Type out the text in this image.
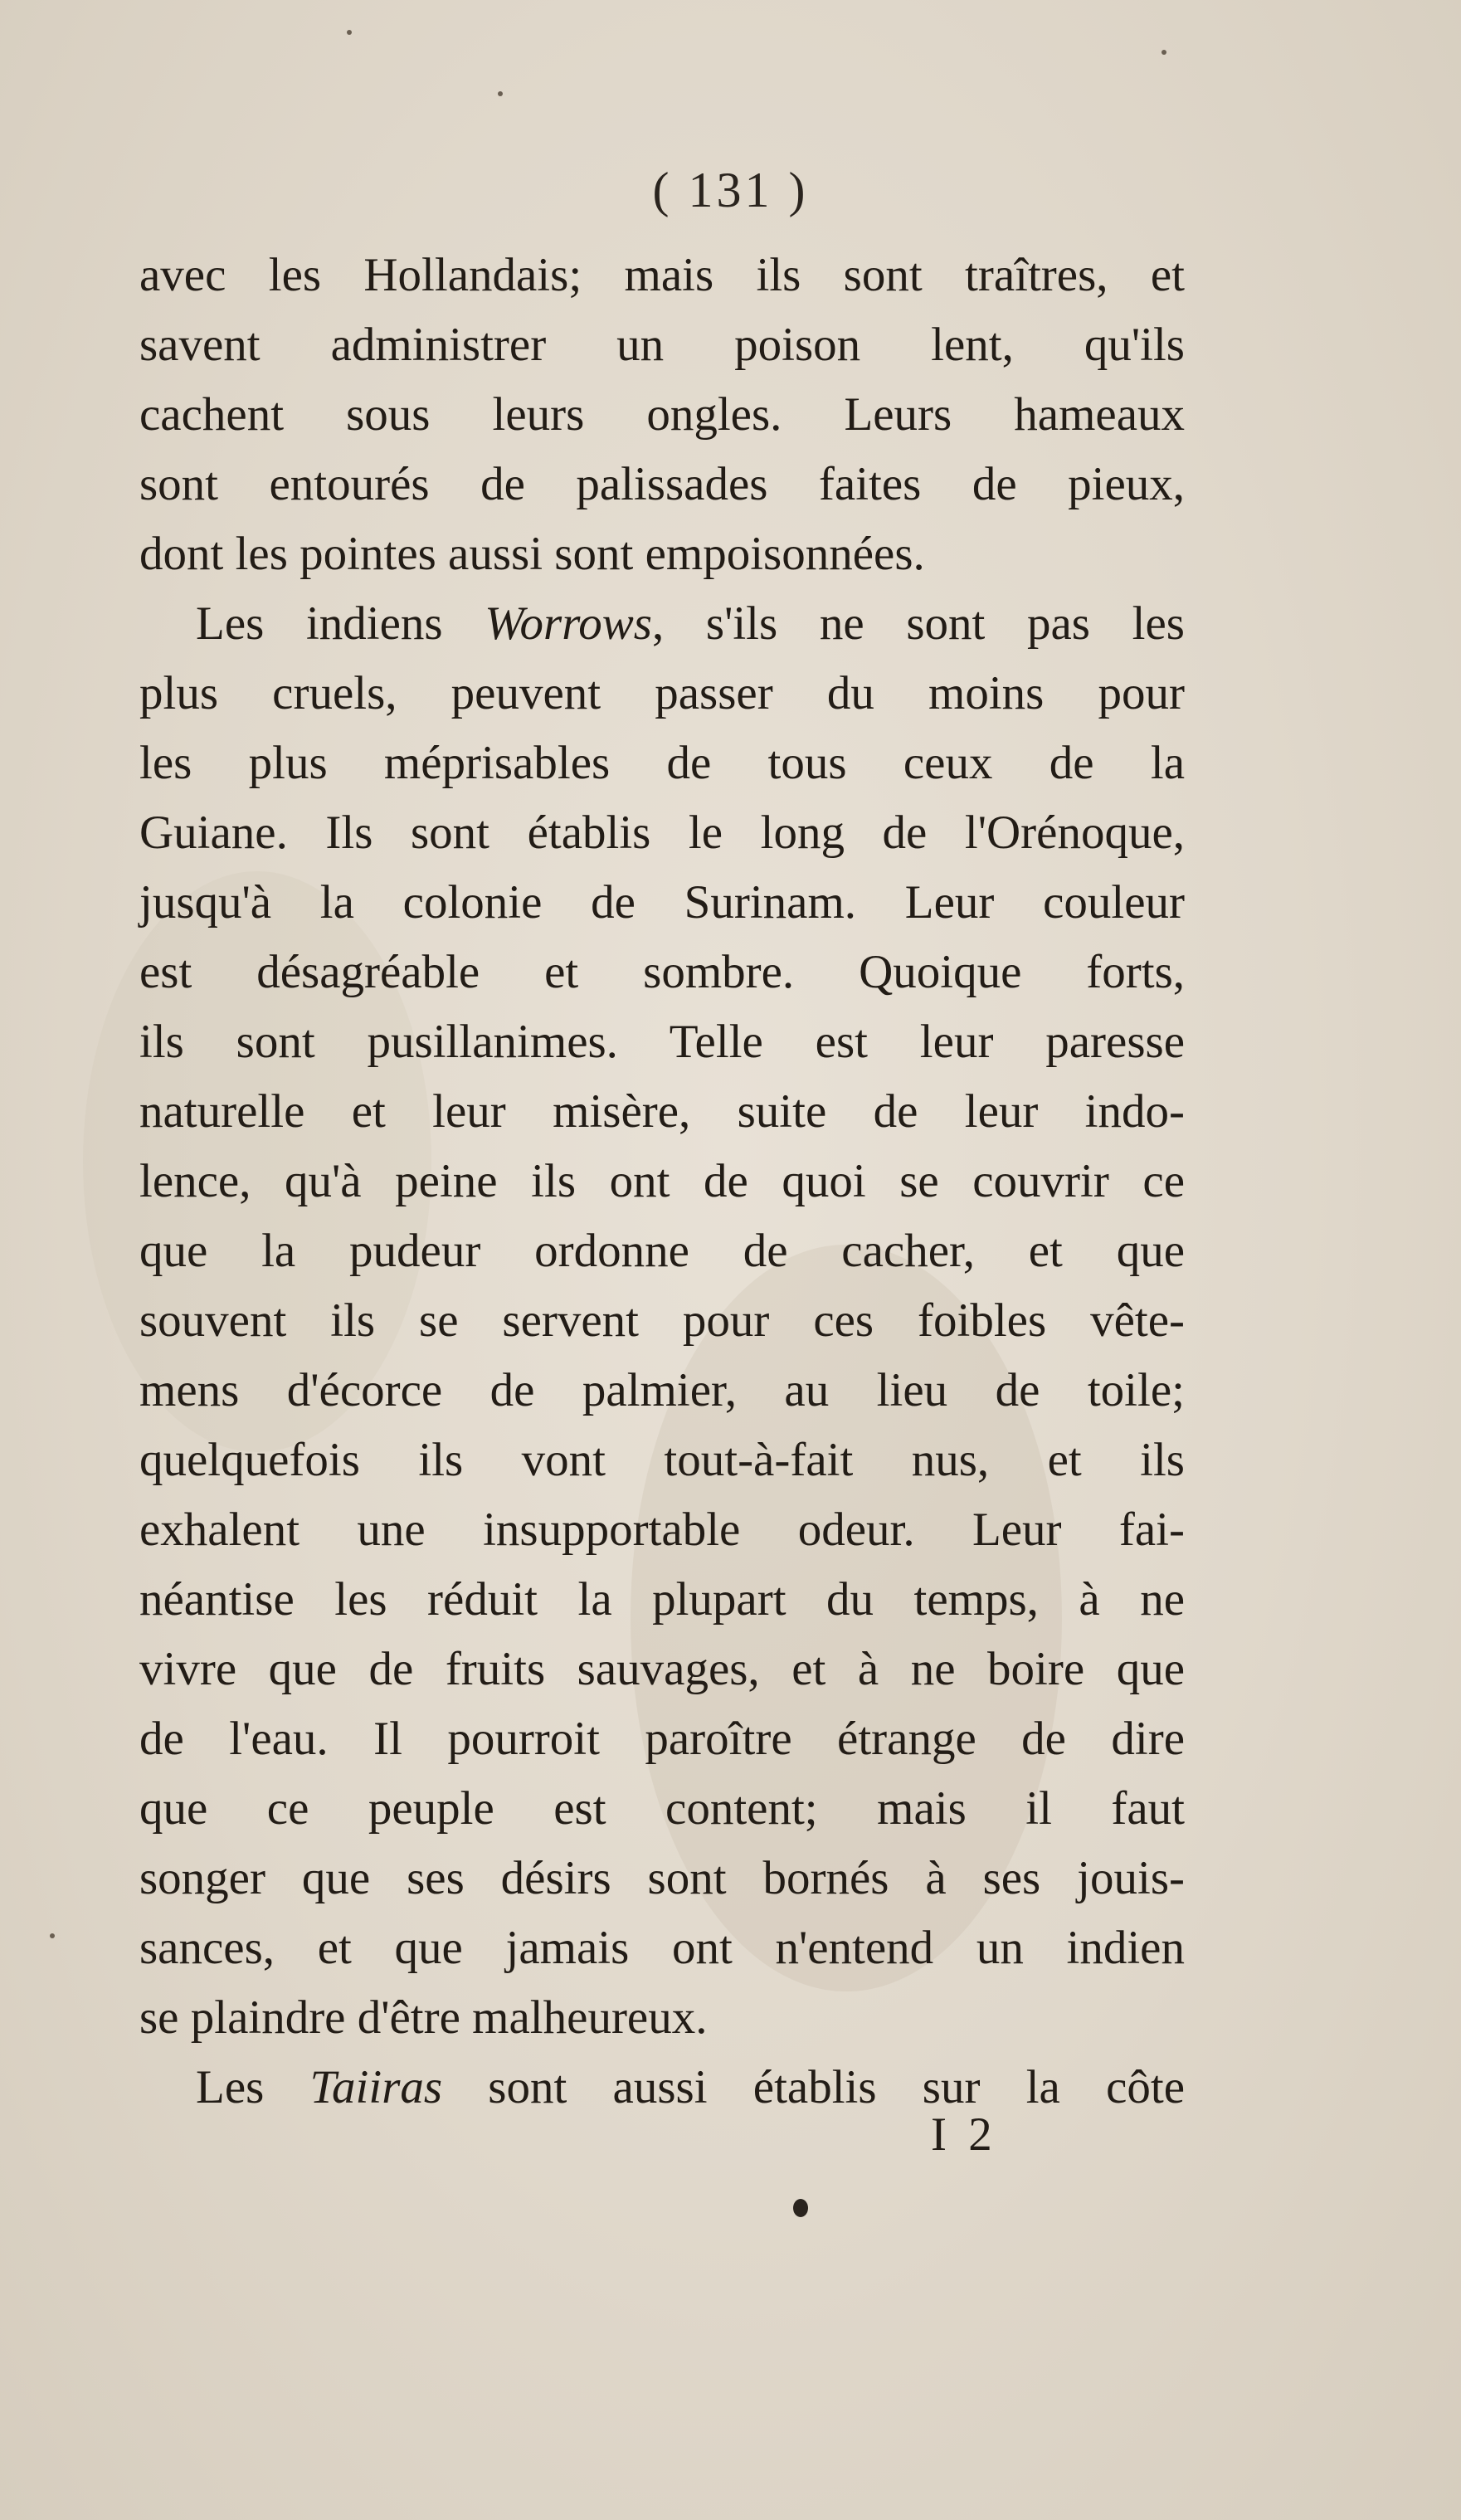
( 131 )
avec les Hollandais; mais ils sont traîtres, et
savent administrer un poison lent, qu'ils
cachent sous leurs ongles. Leurs hameaux
sont entourés de palissades faites de pieux,
dont les pointes aussi sont empoisonnées.
Les indiens Worrows, s'ils ne sont pas les
plus cruels, peuvent passer du moins pour
les plus méprisables de tous ceux de la
Guiane. Ils sont établis le long de l'Orénoque,
jusqu'à la colonie de Surinam. Leur couleur
est désagréable et sombre. Quoique forts,
ils sont pusillanimes. Telle est leur paresse
naturelle et leur misère, suite de leur indo-
lence, qu'à peine ils ont de quoi se couvrir ce
que la pudeur ordonne de cacher, et que
souvent ils se servent pour ces foibles vête-
mens d'écorce de palmier, au lieu de toile;
quelquefois ils vont tout-à-fait nus, et ils
exhalent une insupportable odeur. Leur fai-
néantise les réduit la plupart du temps, à ne
vivre que de fruits sauvages, et à ne boire que
de l'eau. Il pourroit paroître étrange de dire
que ce peuple est content; mais il faut
songer que ses désirs sont bornés à ses jouis-
sances, et que jamais ont n'entend un indien
se plaindre d'être malheureux.
Les Taiiras sont aussi établis sur la côte
I 2
